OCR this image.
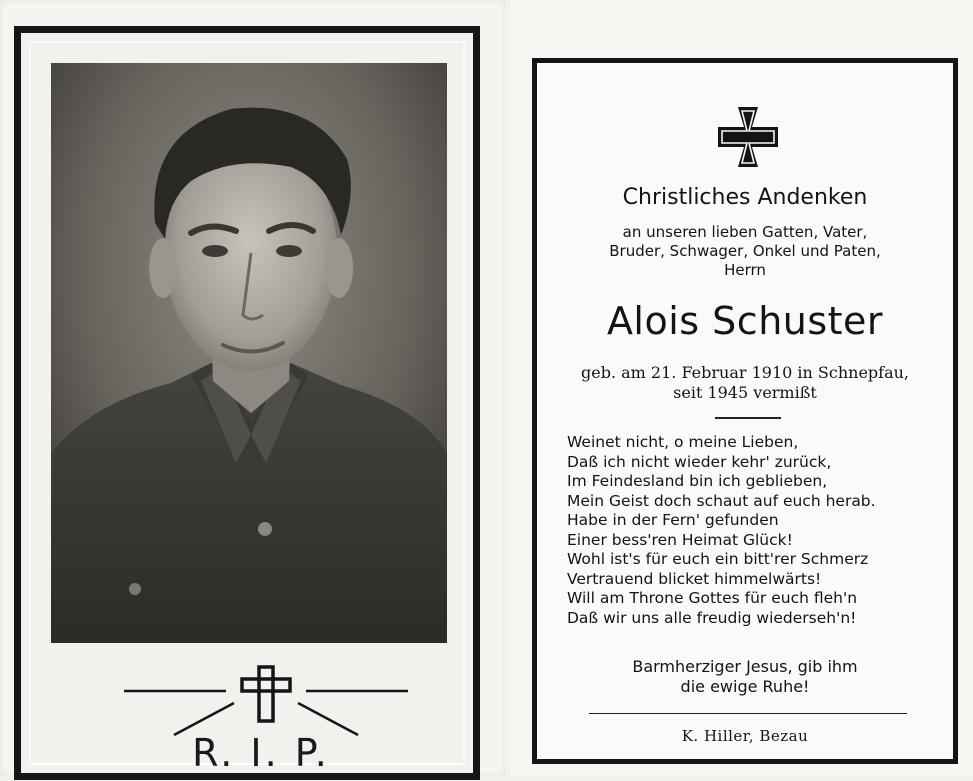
R. I. P.
Christliches Andenken
an unseren lieben Gatten, Vater,
Bruder, Schwager, Onkel und Paten,
Herrn
Alois Schuster
geb. am 21. Februar 1910 in Schnepfau,
seit 1945 vermißt
Weinet nicht, o meine Lieben,
Daß ich nicht wieder kehr' zurück,
Im Feindesland bin ich geblieben,
Mein Geist doch schaut auf euch herab.
Habe in der Fern' gefunden
Einer bess'ren Heimat Glück!
Wohl ist's für euch ein bitt'rer Schmerz
Vertrauend blicket himmelwärts!
Will am Throne Gottes für euch fleh'n
Daß wir uns alle freudig wiederseh'n!
Barmherziger Jesus, gib ihm
die ewige Ruhe!
K. Hiller, Bezau
